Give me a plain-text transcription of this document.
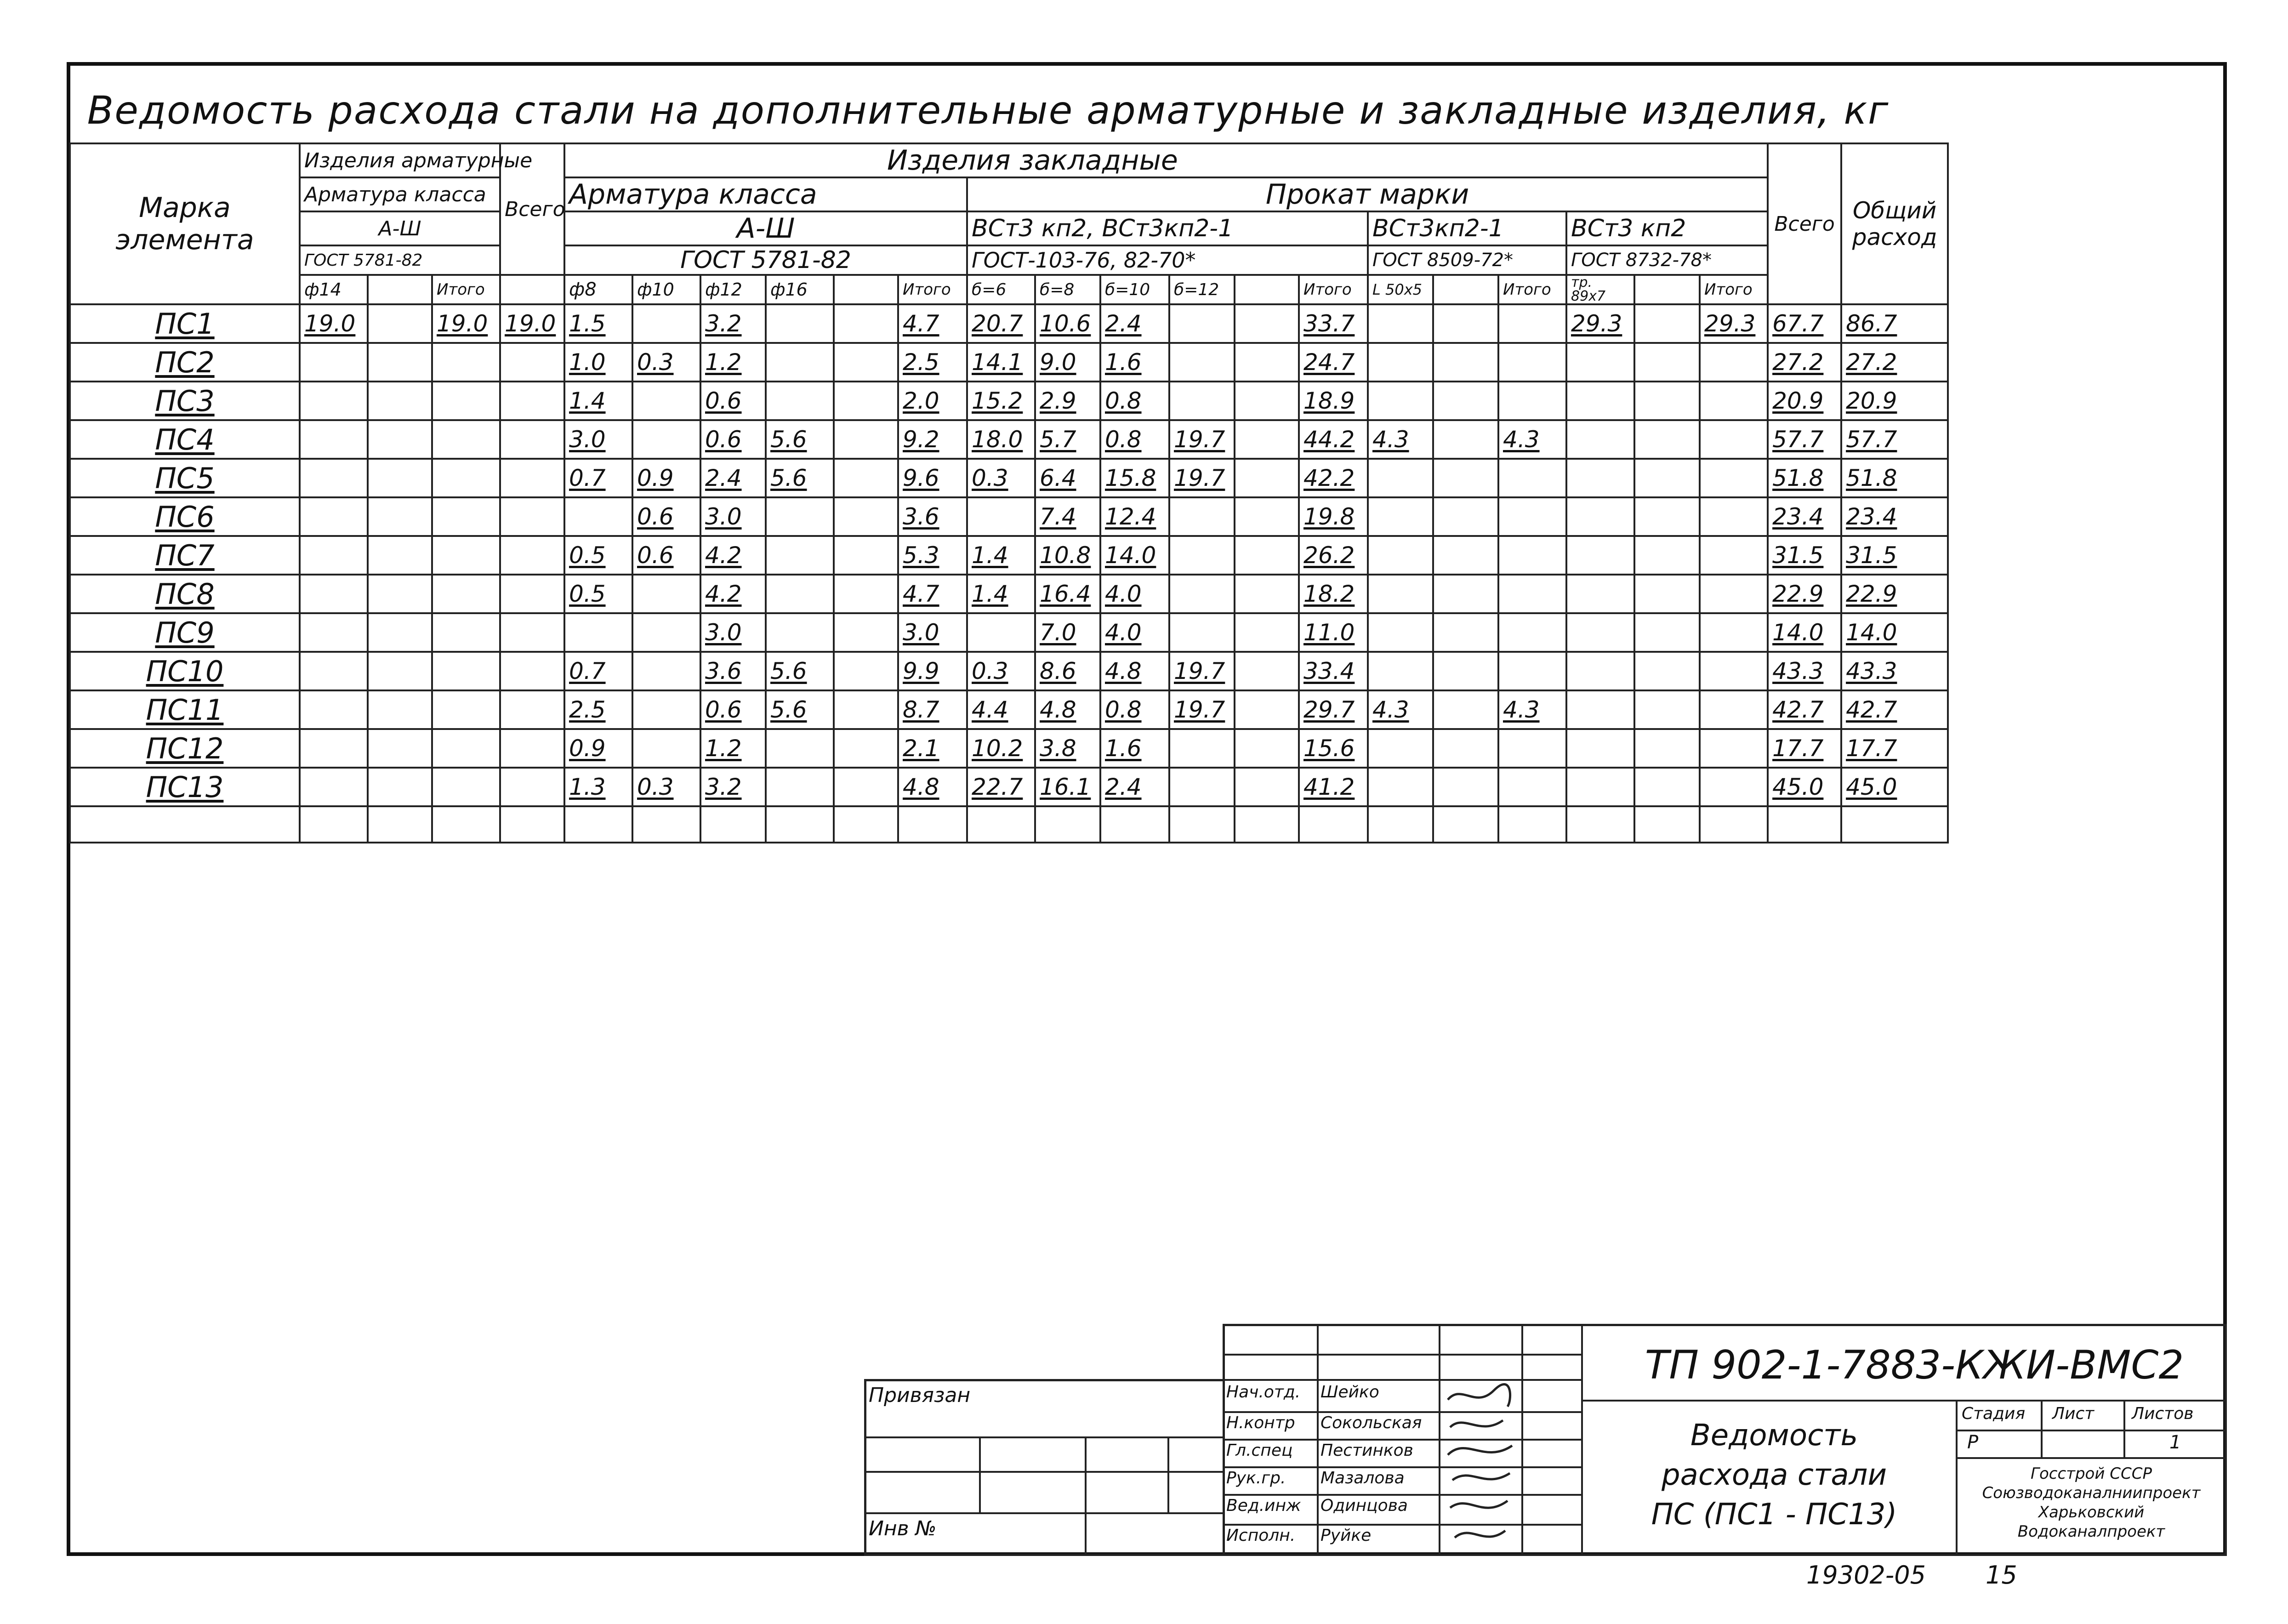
Ведомость расхода стали на дополнительные арматурные и закладные изделия, кг
Марка элемента	Изделия арматурные			Всего	Изделия закладные																		Всего	Общий расход
	Арматура класса				Арматура класса						Прокат марки													
	А-Ш				А-Ш						ВСт3 кп2, ВСт3кп2-1						ВСт3кп2-1			ВСт3 кп2				
	ГОСТ 5781-82				ГОСТ 5781-82						ГОСТ-103-76, 82-70*						ГОСТ 8509-72*			ГОСТ 8732-78*				
	ф14		Итого		ф8	ф10	ф12	ф16		Итого	б=6	б=8	б=10	б=12		Итого	L 50х5		Итого	тр. 89х7		Итого		
ПС1	19.0		19.0	19.0	1.5		3.2			4.7	20.7	10.6	2.4			33.7				29.3		29.3	67.7	86.7
ПС2					1.0	0.3	1.2			2.5	14.1	9.0	1.6			24.7							27.2	27.2
ПС3					1.4		0.6			2.0	15.2	2.9	0.8			18.9							20.9	20.9
ПС4					3.0		0.6	5.6		9.2	18.0	5.7	0.8	19.7		44.2	4.3		4.3				57.7	57.7
ПС5					0.7	0.9	2.4	5.6		9.6	0.3	6.4	15.8	19.7		42.2							51.8	51.8
ПС6						0.6	3.0			3.6		7.4	12.4			19.8							23.4	23.4
ПС7					0.5	0.6	4.2			5.3	1.4	10.8	14.0			26.2							31.5	31.5
ПС8					0.5		4.2			4.7	1.4	16.4	4.0			18.2							22.9	22.9
ПС9							3.0			3.0		7.0	4.0			11.0							14.0	14.0
ПС10					0.7		3.6	5.6		9.9	0.3	8.6	4.8	19.7		33.4							43.3	43.3
ПС11					2.5		0.6	5.6		8.7	4.4	4.8	0.8	19.7		29.7	4.3		4.3				42.7	42.7
ПС12					0.9		1.2			2.1	10.2	3.8	1.6			15.6							17.7	17.7
ПС13					1.3	0.3	3.2			4.8	22.7	16.1	2.4			41.2							45.0	45.0

Привязан
Инв №
Нач.отд. Шейко
Н.контр Сокольская
Гл.спец Пестинков
Рук.гр. Мазалова
Вед.инж Одинцова
Исполн. Руйке
ТП 902-1-7883-КЖИ-ВМС2
Ведомость
расхода стали
ПС (ПС1 - ПС13)
Стадия Лист Листов
Р	1
Госстрой СССР
Союзводоканалниипроект
Харьковский
Водоканалпроект
19302-05 15
